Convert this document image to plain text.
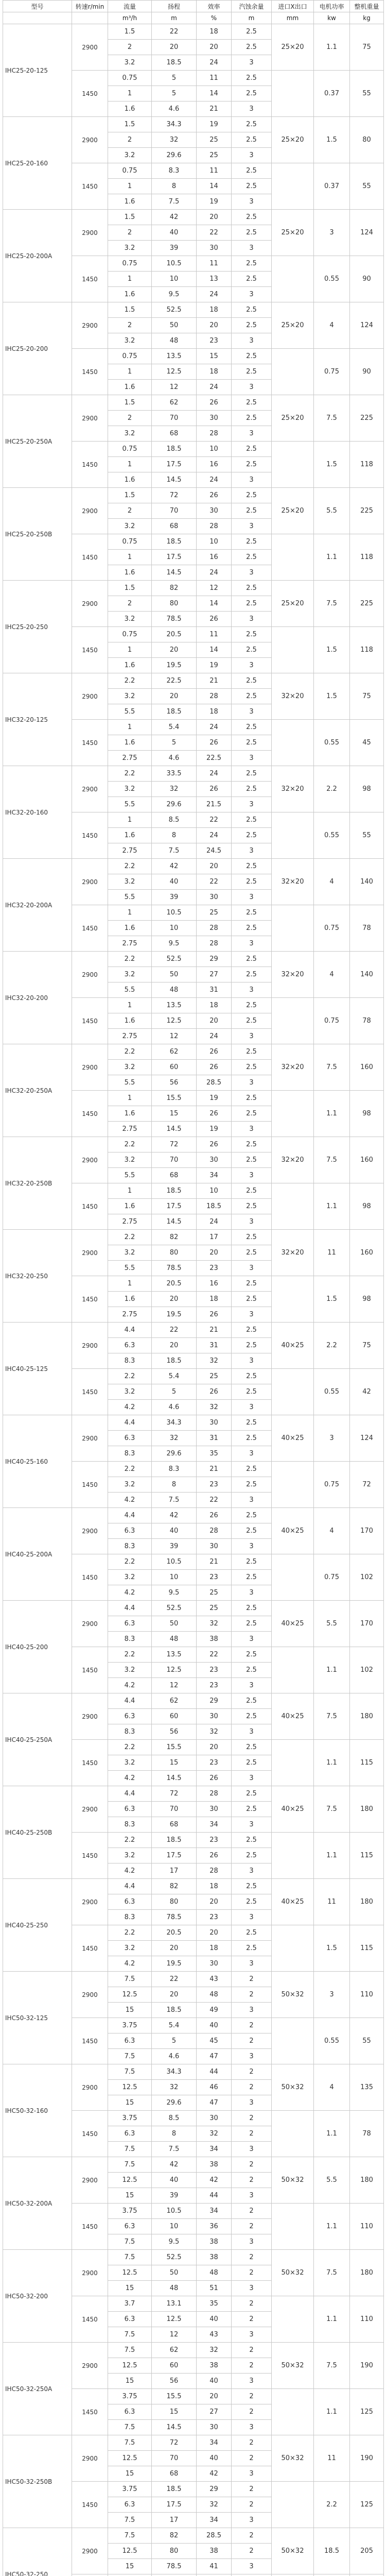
型号	转速r/min	流量	扬程	效率	汽蚀余量	进口X出口	电机功率	整机重量
		m³/h	m	%	m	mm	kw	kg
IHC25-20-125	2900	1.5	22	18	2.5	25×20	1.1	75
		2	20	20	2.5			
		3.2	18.5	24	3			
	1450	0.75	5	11	2.5		0.37	55
		1	5	14	2.5			
		1.6	4.6	21	3			
IHC25-20-160	2900	1.5	34.3	19	2.5	25×20	1.5	80
		2	32	25	2.5			
		3.2	29.6	25	3			
	1450	0.75	8.3	11	2.5		0.37	55
		1	8	14	2.5			
		1.6	7.5	19	3			
IHC25-20-200A	2900	1.5	42	20	2.5	25×20	3	124
		2	40	22	2.5			
		3.2	39	30	3			
	1450	0.75	10.5	11	2.5		0.55	90
		1	10	13	2.5			
		1.6	9.5	24	3			
IHC25-20-200	2900	1.5	52.5	18	2.5	25×20	4	124
		2	50	20	2.5			
		3.2	48	23	3			
	1450	0.75	13.5	15	2.5		0.75	90
		1	12.5	18	2.5			
		1.6	12	24	3			
IHC25-20-250A	2900	1.5	62	26	2.5	25×20	7.5	225
		2	70	30	2.5			
		3.2	68	28	3			
	1450	0.75	18.5	10	2.5		1.5	118
		1	17.5	16	2.5			
		1.6	14.5	24	3			
IHC25-20-250B	2900	1.5	72	26	2.5	25×20	5.5	225
		2	70	30	2.5			
		3.2	68	28	3			
	1450	0.75	18.5	10	2.5		1.1	118
		1	17.5	16	2.5			
		1.6	14.5	24	3			
IHC25-20-250	2900	1.5	82	12	2.5	25×20	7.5	225
		2	80	14	2.5			
		3.2	78.5	26	3			
	1450	0.75	20.5	11	2.5		1.5	118
		1	20	14	2.5			
		1.6	19.5	19	3			
IHC32-20-125	2900	2.2	22.5	21	2.5	32×20	1.5	75
		3.2	20	28	2.5			
		5.5	18.5	18	3			
	1450	1	5.4	24	2.5		0.55	45
		1.6	5	26	2.5			
		2.75	4.6	22.5	3			
IHC32-20-160	2900	2.2	33.5	24	2.5	32×20	2.2	98
		3.2	32	26	2.5			
		5.5	29.6	21.5	3			
	1450	1	8.5	22	2.5		0.55	55
		1.6	8	24	2.5			
		2.75	7.5	24.5	3			
IHC32-20-200A	2900	2.2	42	20	2.5	32×20	4	140
		3.2	40	22	2.5			
		5.5	39	30	3			
	1450	1	10.5	25	2.5		0.75	78
		1.6	10	28	2.5			
		2.75	9.5	28	3			
IHC32-20-200	2900	2.2	52.5	29	2.5	32×20	4	140
		3.2	50	27	2.5			
		5.5	48	31	3			
	1450	1	13.5	18	2.5		0.75	78
		1.6	12.5	20	2.5			
		2.75	12	24	3			
IHC32-20-250A	2900	2.2	62	26	2.5	32×20	7.5	160
		3.2	60	26	2.5			
		5.5	56	28.5	3			
	1450	1	15.5	19	2.5		1.1	98
		1.6	15	26	2.5			
		2.75	14.5	19	3			
IHC32-20-250B	2900	2.2	72	26	2.5	32×20	7.5	160
		3.2	70	30	2.5			
		5.5	68	34	3			
	1450	1	18.5	10	2.5		1.1	98
		1.6	17.5	18.5	2.5			
		2.75	14.5	24	3			
IHC32-20-250	2900	2.2	82	17	2.5	32×20	11	160
		3.2	80	20	2.5			
		5.5	78.5	23	3			
	1450	1	20.5	16	2.5		1.5	98
		1.6	20	18	2.5			
		2.75	19.5	26	3			
IHC40-25-125	2900	4.4	22	21	2.5	40×25	2.2	75
		6.3	20	31	2.5			
		8.3	18.5	32	3			
	1450	2.2	5.4	25	2.5		0.55	42
		3.2	5	26	2.5			
		4.2	4.6	32	3			
IHC40-25-160	2900	4.4	34.3	30	2.5	40×25	3	124
		6.3	32	31	2.5			
		8.3	29.6	35	3			
	1450	2.2	8.3	21	2.5		0.75	72
		3.2	8	23	2.5			
		4.2	7.5	22	3			
IHC40-25-200A	2900	4.4	42	26	2.5	40×25	4	170
		6.3	40	28	2.5			
		8.3	39	30	3			
	1450	2.2	10.5	21	2.5		0.75	102
		3.2	10	23	2.5			
		4.2	9.5	25	3			
IHC40-25-200	2900	4.4	52.5	25	2.5	40×25	5.5	170
		6.3	50	32	2.5			
		8.3	48	38	3			
	1450	2.2	13.5	22	2.5		1.1	102
		3.2	12.5	23	2.5			
		4.2	12	23	3			
IHC40-25-250A	2900	4.4	62	29	2.5	40×25	7.5	180
		6.3	60	30	2.5			
		8.3	56	32	3			
	1450	2.2	15.5	20	2.5		1.1	115
		3.2	15	23	2.5			
		4.2	14.5	26	3			
IHC40-25-250B	2900	4.4	72	28	2.5	40×25	7.5	180
		6.3	70	30	2.5			
		8.3	68	34	3			
	1450	2.2	18.5	23	2.5		1.1	115
		3.2	17.5	26	2.5			
		4.2	17	28	3			
IHC40-25-250	2900	4.4	82	18	2.5	40×25	11	180
		6.3	80	20	2.5			
		8.3	78.5	23	3			
	1450	2.2	20.5	20	2.5		1.5	115
		3.2	20	18	2.5			
		4.2	19.5	30	3			
IHC50-32-125	2900	7.5	22	43	2	50×32	3	110
		12.5	20	48	2			
		15	18.5	49	3			
	1450	3.75	5.4	40	2		0.55	55
		6.3	5	45	2			
		7.5	4.6	47	3			
IHC50-32-160	2900	7.5	34.3	44	2	50×32	4	135
		12.5	32	46	2			
		15	29.6	47	3			
	1450	3.75	8.5	30	2		1.1	78
		6.3	8	32	2			
		7.5	7.5	34	3			
IHC50-32-200A	2900	7.5	42	38	2	50×32	5.5	180
		12.5	40	42	2			
		15	39	44	3			
	1450	3.75	10.5	34	2		1.1	110
		6.3	10	36	2			
		7.5	9.5	38	3			
IHC50-32-200	2900	7.5	52.5	38	2	50×32	7.5	180
		12.5	50	48	2			
		15	48	51	3			
	1450	3.7	13.1	35	2		1.1	110
		6.3	12.5	40	2			
		7.5	12	43	3			
IHC50-32-250A	2900	7.5	62	32	2	50×32	7.5	190
		12.5	60	38	2			
		15	56	40	3			
	1450	3.75	15.5	20	2		1.1	125
		6.3	15	27	2			
		7.5	14.5	30	3			
IHC50-32-250B	2900	7.5	72	34	2	50×32	11	190
		12.5	70	40	2			
		15	68	42	3			
	1450	3.75	18.5	29	2		2.2	125
		6.3	17.5	32	2			
		7.5	17	34	3			
IHC50-32-250	2900	7.5	82	28.5	2	50×32	18.5	205
		12.5	80	38	2			
		15	78.5	41	3			
